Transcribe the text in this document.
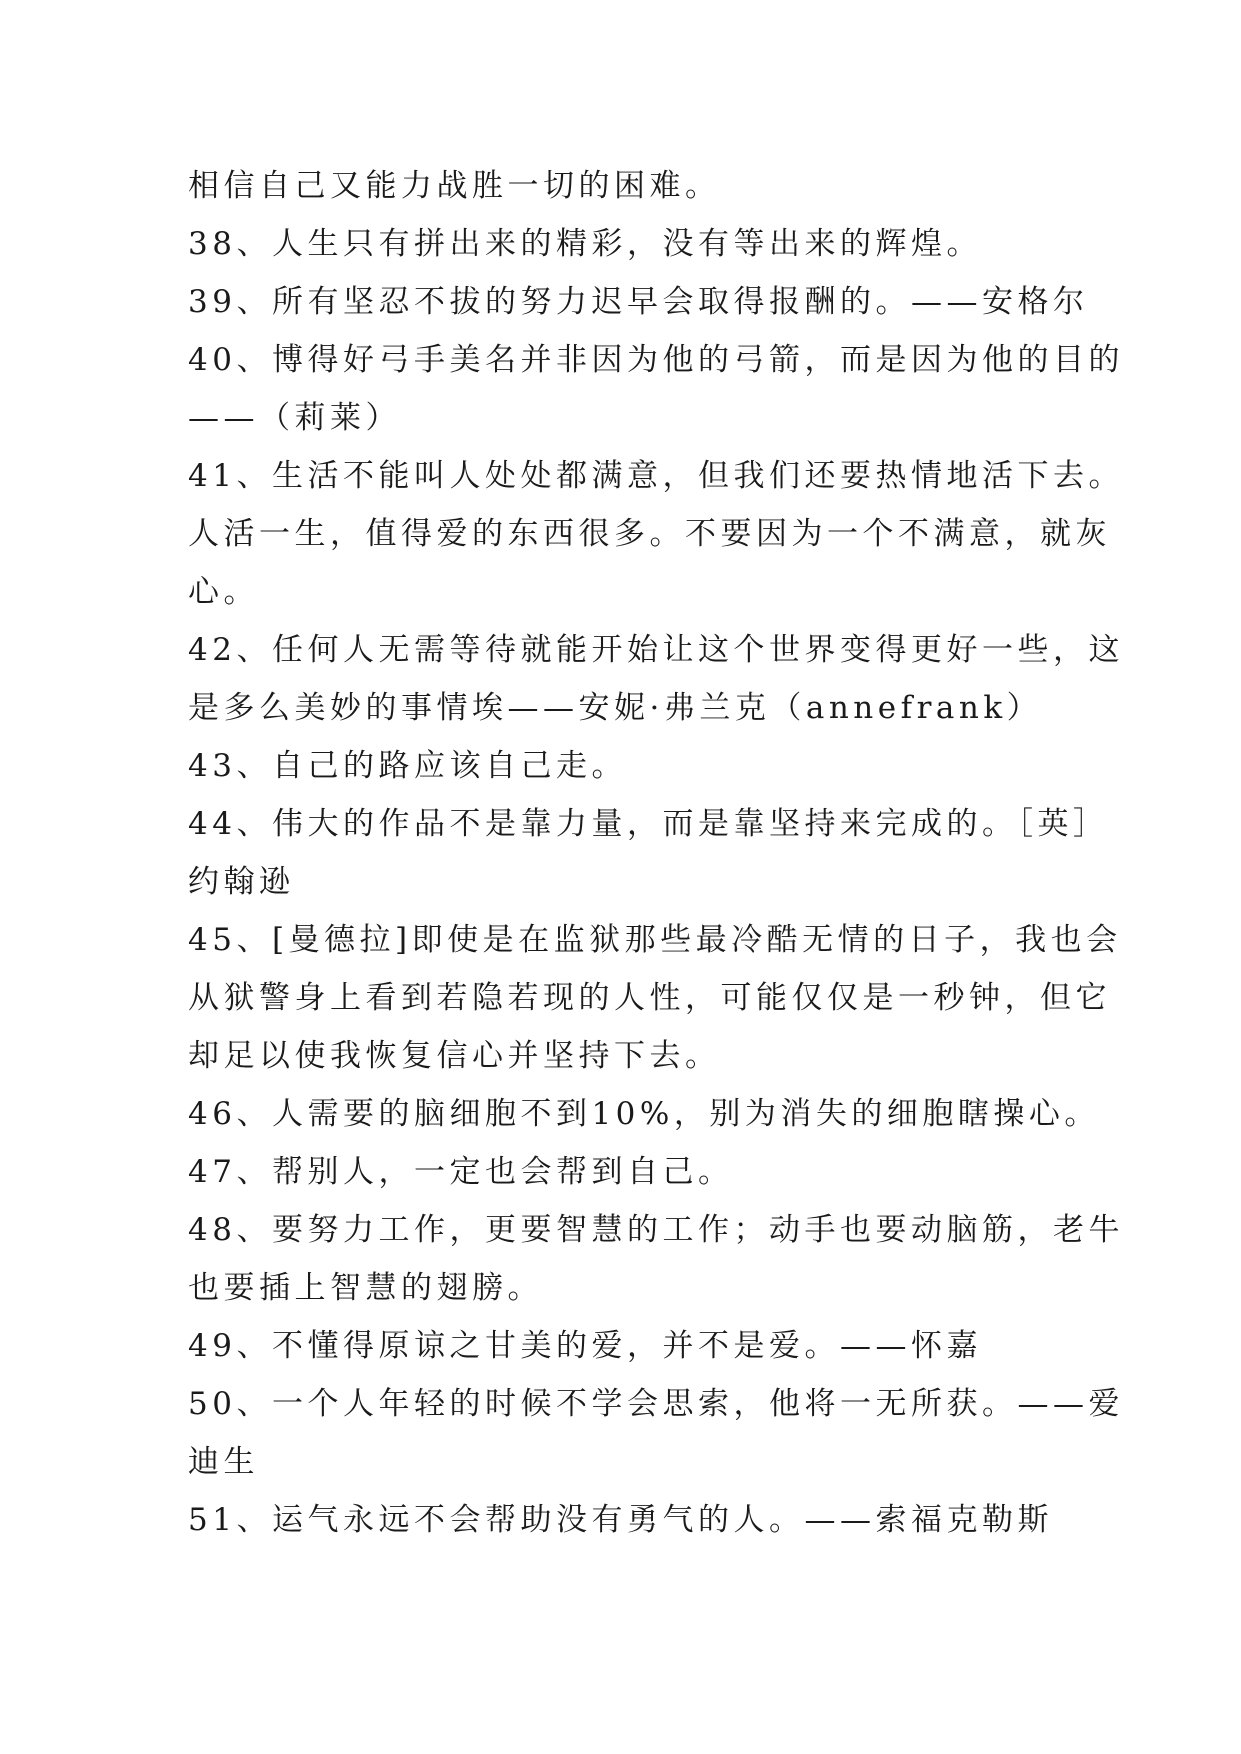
相信自己又能力战胜一切的困难。
38、人生只有拼出来的精彩，没有等出来的辉煌。
39、所有坚忍不拔的努力迟早会取得报酬的。——安格尔
40、博得好弓手美名并非因为他的弓箭，而是因为他的目的
——（莉莱）
41、生活不能叫人处处都满意，但我们还要热情地活下去。
人活一生，值得爱的东西很多。不要因为一个不满意，就灰
心。
42、任何人无需等待就能开始让这个世界变得更好一些，这
是多么美妙的事情埃——安妮·弗兰克（annefrank）
43、自己的路应该自己走。
44、伟大的作品不是靠力量，而是靠坚持来完成的。［英］
约翰逊
45、[曼德拉]即使是在监狱那些最冷酷无情的日子，我也会
从狱警身上看到若隐若现的人性，可能仅仅是一秒钟，但它
却足以使我恢复信心并坚持下去。
46、人需要的脑细胞不到10%，别为消失的细胞瞎操心。
47、帮别人，一定也会帮到自己。
48、要努力工作，更要智慧的工作；动手也要动脑筋，老牛
也要插上智慧的翅膀。
49、不懂得原谅之甘美的爱，并不是爱。——怀嘉
50、一个人年轻的时候不学会思索，他将一无所获。——爱
迪生
51、运气永远不会帮助没有勇气的人。——索福克勒斯
